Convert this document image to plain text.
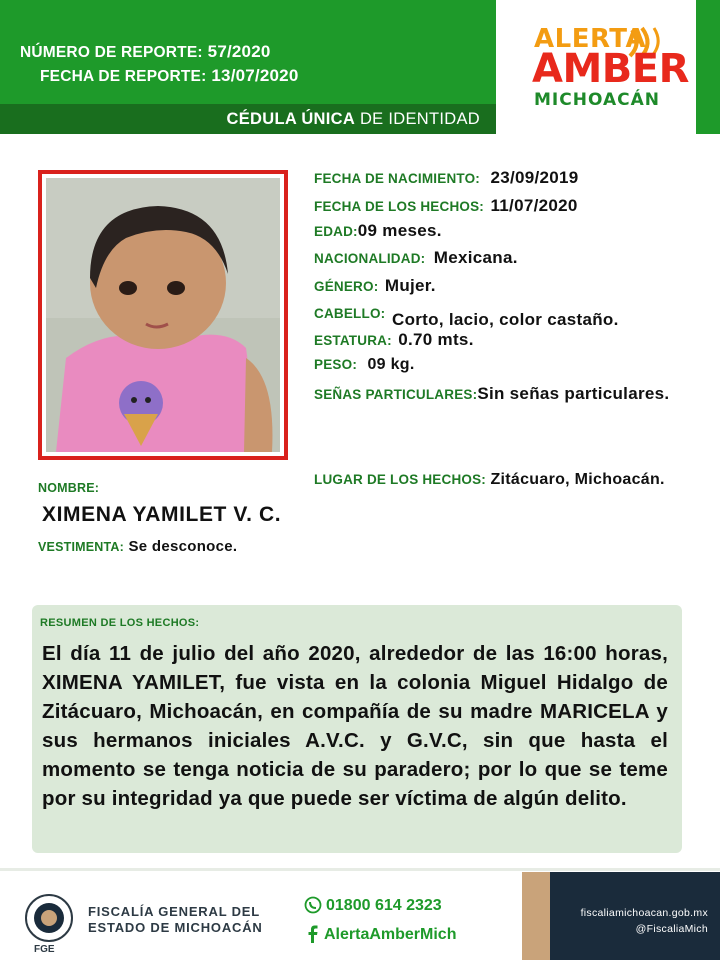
NÚMERO DE REPORTE: 57/2020
FECHA DE REPORTE: 13/07/2020
CÉDULA ÚNICA DE IDENTIDAD
ALERTA
AMBER
MICHOACÁN
FECHA DE NACIMIENTO: 23/09/2019
FECHA DE LOS HECHOS: 11/07/2020
EDAD:09 meses.
NACIONALIDAD: Mexicana.
GÉNERO: Mujer.
CABELLO: Corto, lacio, color castaño.
ESTATURA: 0.70 mts.
PESO: 09 kg.
SEÑAS PARTICULARES:Sin señas particulares.
LUGAR DE LOS HECHOS: Zitácuaro, Michoacán.
NOMBRE:
XIMENA YAMILET V. C.
VESTIMENTA: Se desconoce.
RESUMEN DE LOS HECHOS:
El día 11 de julio del año 2020, alrededor de las 16:00 horas, XIMENA YAMILET, fue vista en la colonia Miguel Hidalgo de Zitácuaro, Michoacán, en compañía de su madre MARICELA y sus hermanos iniciales A.V.C. y G.V.C, sin que hasta el momento se tenga noticia de su paradero; por lo que se teme por su integridad ya que puede ser víctima de algún delito.
FGE
FISCALÍA GENERAL DEL
ESTADO DE MICHOACÁN
01800 614 2323
AlertaAmberMich
fiscaliamichoacan.gob.mx
@FiscaliaMich
